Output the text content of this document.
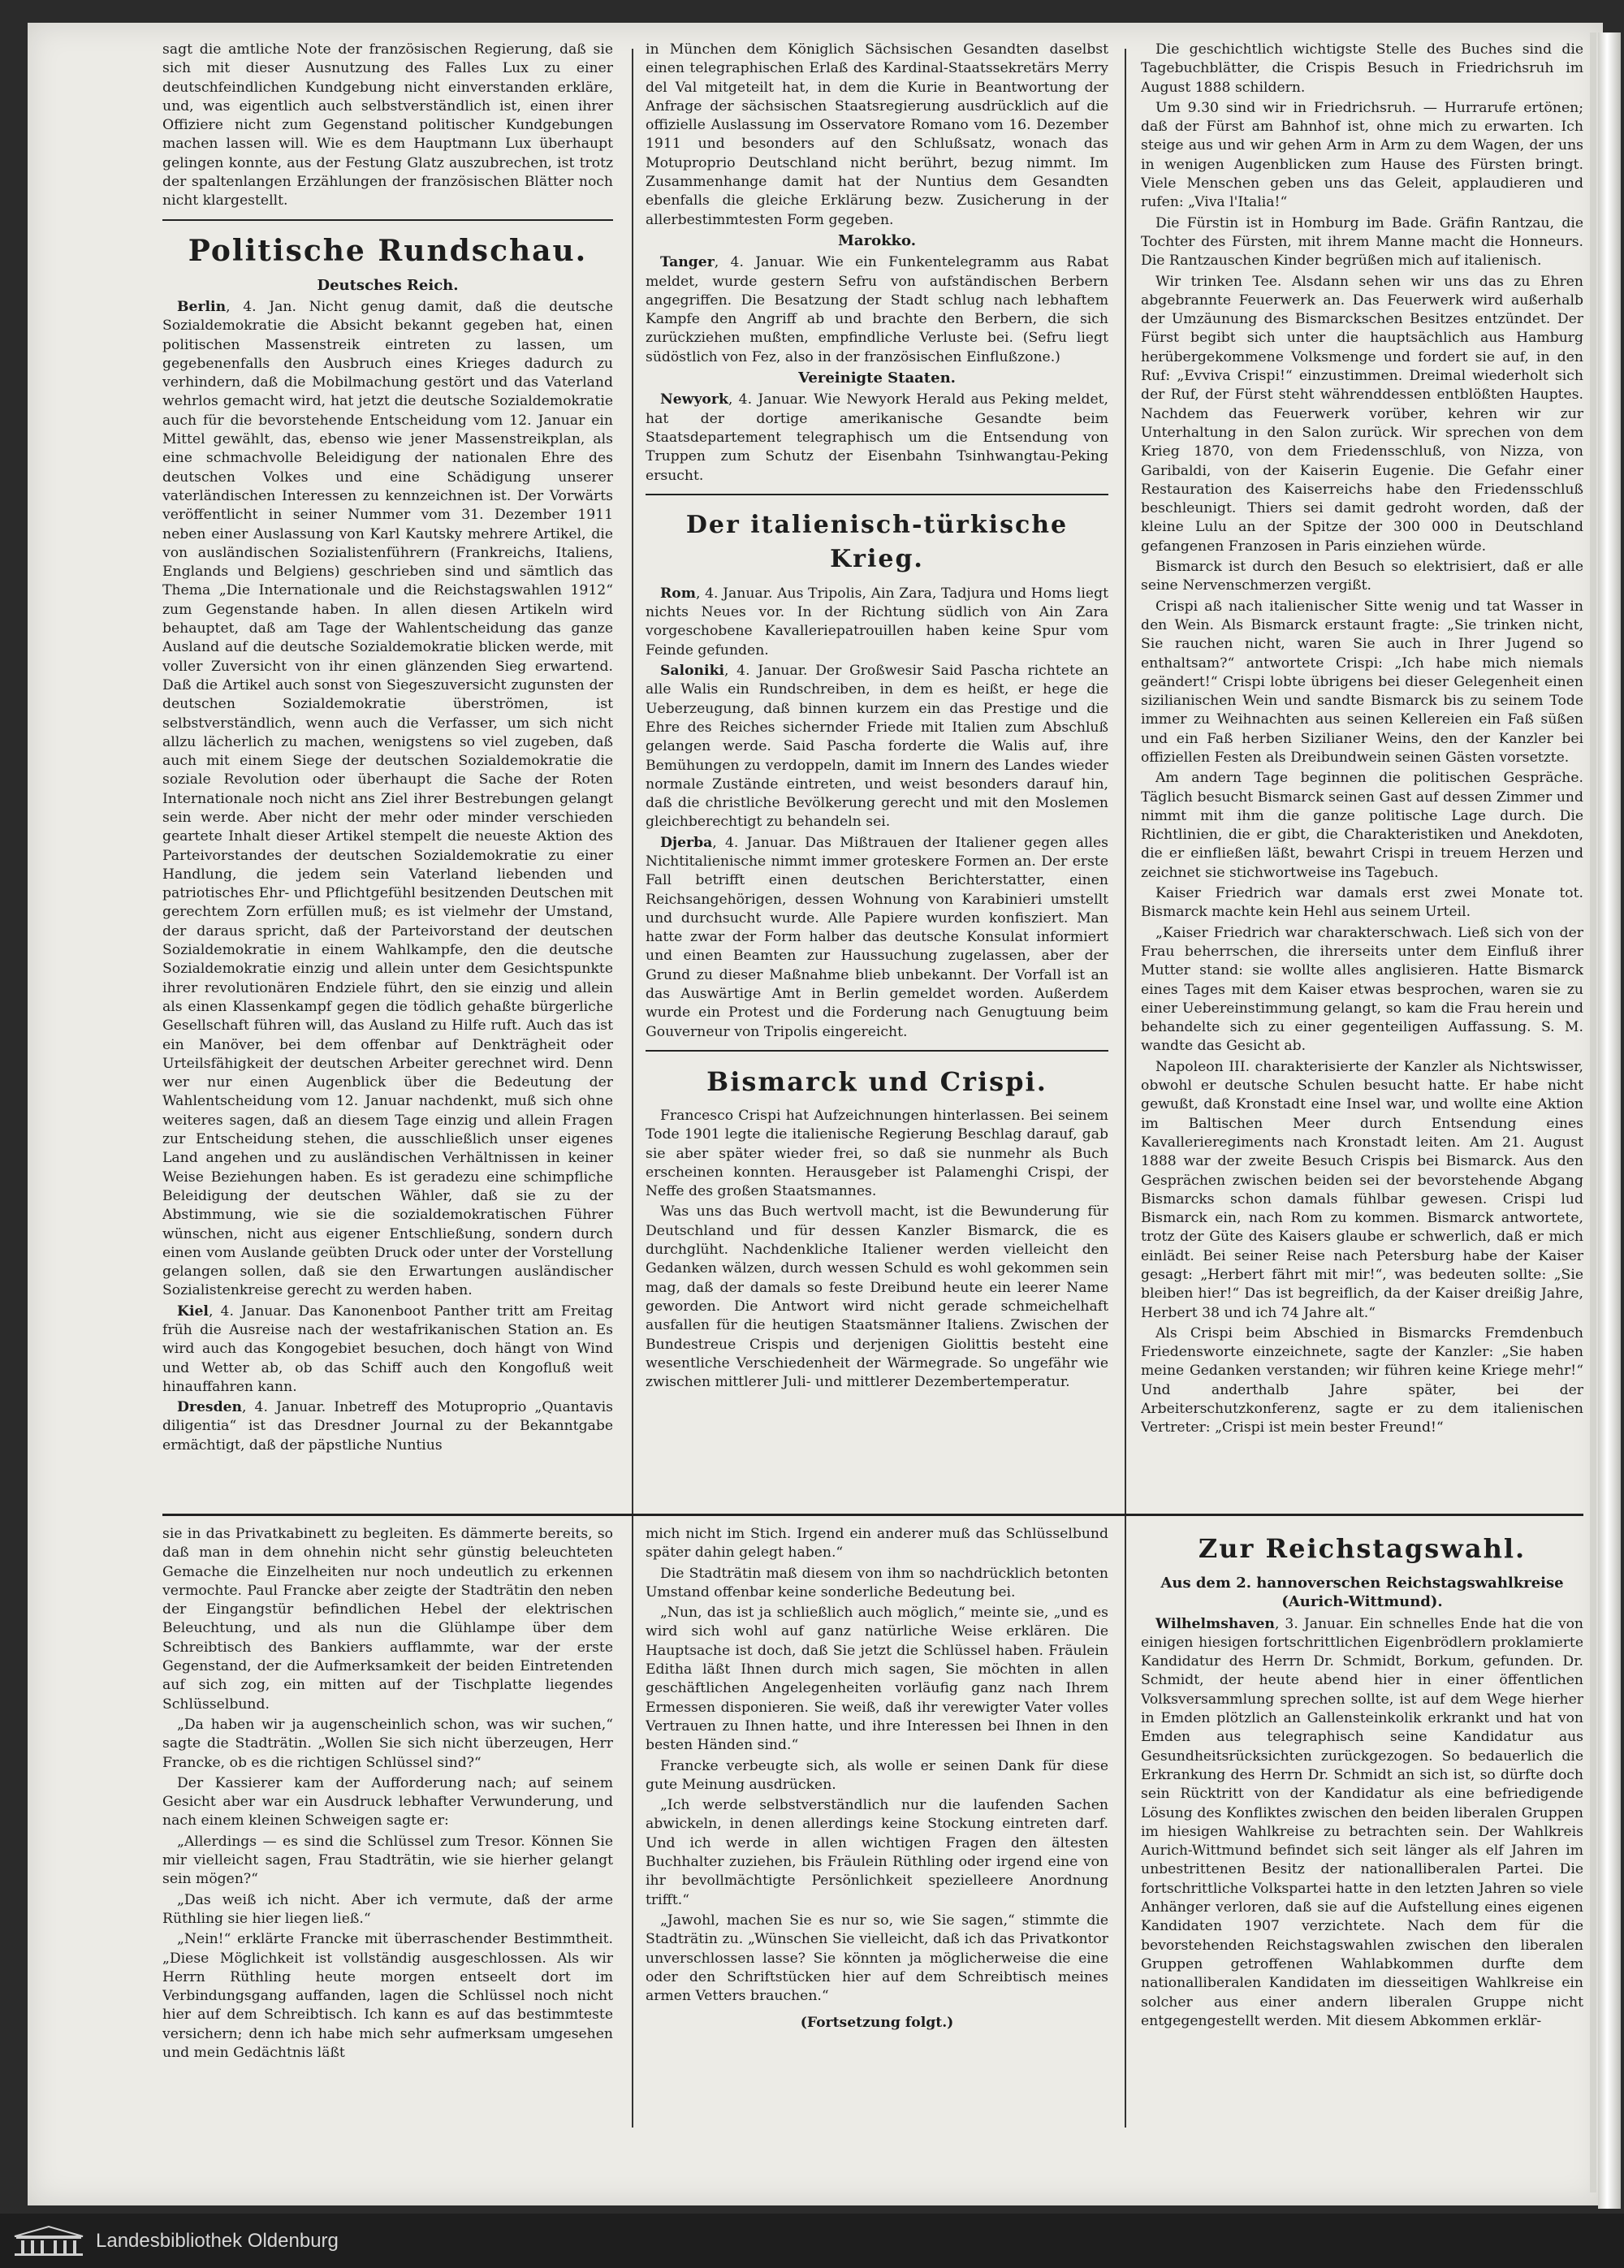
sagt die amtliche Note der französischen Regierung, daß sie sich mit dieser Ausnutzung des Falles Lux zu einer deutschfeindlichen Kundgebung nicht einverstanden erkläre, und, was eigentlich auch selbstverständlich ist, einen ihrer Offiziere nicht zum Gegenstand politischer Kundgebungen machen lassen will. Wie es dem Hauptmann Lux überhaupt gelingen konnte, aus der Festung Glatz auszubrechen, ist trotz der spaltenlangen Erzählungen der französischen Blätter noch nicht klargestellt.

Politische Rundschau.
Deutsches Reich.

Berlin, 4. Jan. Nicht genug damit, daß die deutsche Sozialdemokratie die Absicht bekannt gegeben hat, einen politischen Massenstreik eintreten zu lassen, um gegebenenfalls den Ausbruch eines Krieges dadurch zu verhindern, daß die Mobilmachung gestört und das Vaterland wehrlos gemacht wird, hat jetzt die deutsche Sozialdemokratie auch für die bevorstehende Entscheidung vom 12. Januar ein Mittel gewählt, das, ebenso wie jener Massenstreikplan, als eine schmachvolle Beleidigung der nationalen Ehre des deutschen Volkes und eine Schädigung unserer vaterländischen Interessen zu kennzeichnen ist. Der Vorwärts veröffentlicht in seiner Nummer vom 31. Dezember 1911 neben einer Auslassung von Karl Kautsky mehrere Artikel, die von ausländischen Sozialistenführern (Frankreichs, Italiens, Englands und Belgiens) geschrieben sind und sämtlich das Thema „Die Internationale und die Reichstagswahlen 1912“ zum Gegenstande haben. In allen diesen Artikeln wird behauptet, daß am Tage der Wahlentscheidung das ganze Ausland auf die deutsche Sozialdemokratie blicken werde, mit voller Zuversicht von ihr einen glänzenden Sieg erwartend. Daß die Artikel auch sonst von Siegeszuversicht zugunsten der deutschen Sozialdemokratie überströmen, ist selbstverständlich, wenn auch die Verfasser, um sich nicht allzu lächerlich zu machen, wenigstens so viel zugeben, daß auch mit einem Siege der deutschen Sozialdemokratie die soziale Revolution oder überhaupt die Sache der Roten Internationale noch nicht ans Ziel ihrer Bestrebungen gelangt sein werde. Aber nicht der mehr oder minder verschieden geartete Inhalt dieser Artikel stempelt die neueste Aktion des Parteivorstandes der deutschen Sozialdemokratie zu einer Handlung, die jedem sein Vaterland liebenden und patriotisches Ehr- und Pflichtgefühl besitzenden Deutschen mit gerechtem Zorn erfüllen muß; es ist vielmehr der Umstand, der daraus spricht, daß der Parteivorstand der deutschen Sozialdemokratie in einem Wahlkampfe, den die deutsche Sozialdemokratie einzig und allein unter dem Gesichtspunkte ihrer revolutionären Endziele führt, den sie einzig und allein als einen Klassenkampf gegen die tödlich gehaßte bürgerliche Gesellschaft führen will, das Ausland zu Hilfe ruft. Auch das ist ein Manöver, bei dem offenbar auf Denkträgheit oder Urteilsfähigkeit der deutschen Arbeiter gerechnet wird. Denn wer nur einen Augenblick über die Bedeutung der Wahlentscheidung vom 12. Januar nachdenkt, muß sich ohne weiteres sagen, daß an diesem Tage einzig und allein Fragen zur Entscheidung stehen, die ausschließlich unser eigenes Land angehen und zu ausländischen Verhältnissen in keiner Weise Beziehungen haben. Es ist geradezu eine schimpfliche Beleidigung der deutschen Wähler, daß sie zu der Abstimmung, wie sie die sozialdemokratischen Führer wünschen, nicht aus eigener Entschließung, sondern durch einen vom Auslande geübten Druck oder unter der Vorstellung gelangen sollen, daß sie den Erwartungen ausländischer Sozialistenkreise gerecht zu werden haben.

Kiel, 4. Januar. Das Kanonenboot Panther tritt am Freitag früh die Ausreise nach der westafrikanischen Station an. Es wird auch das Kongogebiet besuchen, doch hängt von Wind und Wetter ab, ob das Schiff auch den Kongofluß weit hinauffahren kann.

Dresden, 4. Januar. Inbetreff des Motuproprio „Quantavis diligentia“ ist das Dresdner Journal zu der Bekanntgabe ermächtigt, daß der päpstliche Nuntius

in München dem Königlich Sächsischen Gesandten daselbst einen telegraphischen Erlaß des Kardinal-Staatssekretärs Merry del Val mitgeteilt hat, in dem die Kurie in Beantwortung der Anfrage der sächsischen Staatsregierung ausdrücklich auf die offizielle Auslassung im Osservatore Romano vom 16. Dezember 1911 und besonders auf den Schlußsatz, wonach das Motuproprio Deutschland nicht berührt, bezug nimmt. Im Zusammenhange damit hat der Nuntius dem Gesandten ebenfalls die gleiche Erklärung bezw. Zusicherung in der allerbestimmtesten Form gegeben.

Marokko.

Tanger, 4. Januar. Wie ein Funkentelegramm aus Rabat meldet, wurde gestern Sefru von aufständischen Berbern angegriffen. Die Besatzung der Stadt schlug nach lebhaftem Kampfe den Angriff ab und brachte den Berbern, die sich zurückziehen mußten, empfindliche Verluste bei. (Sefru liegt südöstlich von Fez, also in der französischen Einflußzone.)

Vereinigte Staaten.

Newyork, 4. Januar. Wie Newyork Herald aus Peking meldet, hat der dortige amerikanische Gesandte beim Staatsdepartement telegraphisch um die Entsendung von Truppen zum Schutz der Eisenbahn Tsinhwangtau-Peking ersucht.

Der italienisch-türkische Krieg.

Rom, 4. Januar. Aus Tripolis, Ain Zara, Tadjura und Homs liegt nichts Neues vor. In der Richtung südlich von Ain Zara vorgeschobene Kavalleriepatrouillen haben keine Spur vom Feinde gefunden.

Saloniki, 4. Januar. Der Großwesir Said Pascha richtete an alle Walis ein Rundschreiben, in dem es heißt, er hege die Ueberzeugung, daß binnen kurzem ein das Prestige und die Ehre des Reiches sichernder Friede mit Italien zum Abschluß gelangen werde. Said Pascha forderte die Walis auf, ihre Bemühungen zu verdoppeln, damit im Innern des Landes wieder normale Zustände eintreten, und weist besonders darauf hin, daß die christliche Bevölkerung gerecht und mit den Moslemen gleichberechtigt zu behandeln sei.

Djerba, 4. Januar. Das Mißtrauen der Italiener gegen alles Nichtitalienische nimmt immer groteskere Formen an. Der erste Fall betrifft einen deutschen Berichterstatter, einen Reichsangehörigen, dessen Wohnung von Karabinieri umstellt und durchsucht wurde. Alle Papiere wurden konfisziert. Man hatte zwar der Form halber das deutsche Konsulat informiert und einen Beamten zur Haussuchung zugelassen, aber der Grund zu dieser Maßnahme blieb unbekannt. Der Vorfall ist an das Auswärtige Amt in Berlin gemeldet worden. Außerdem wurde ein Protest und die Forderung nach Genugtuung beim Gouverneur von Tripolis eingereicht.

Bismarck und Crispi.

Francesco Crispi hat Aufzeichnungen hinterlassen. Bei seinem Tode 1901 legte die italienische Regierung Beschlag darauf, gab sie aber später wieder frei, so daß sie nunmehr als Buch erscheinen konnten. Herausgeber ist Palamenghi Crispi, der Neffe des großen Staatsmannes.

Was uns das Buch wertvoll macht, ist die Bewunderung für Deutschland und für dessen Kanzler Bismarck, die es durchglüht. Nachdenkliche Italiener werden vielleicht den Gedanken wälzen, durch wessen Schuld es wohl gekommen sein mag, daß der damals so feste Dreibund heute ein leerer Name geworden. Die Antwort wird nicht gerade schmeichelhaft ausfallen für die heutigen Staatsmänner Italiens. Zwischen der Bundestreue Crispis und derjenigen Giolittis besteht eine wesentliche Verschiedenheit der Wärmegrade. So ungefähr wie zwischen mittlerer Juli- und mittlerer Dezembertemperatur.

Die geschichtlich wichtigste Stelle des Buches sind die Tagebuchblätter, die Crispis Besuch in Friedrichsruh im August 1888 schildern.

Um 9.30 sind wir in Friedrichsruh. — Hurrarufe ertönen; daß der Fürst am Bahnhof ist, ohne mich zu erwarten. Ich steige aus und wir gehen Arm in Arm zu dem Wagen, der uns in wenigen Augenblicken zum Hause des Fürsten bringt. Viele Menschen geben uns das Geleit, applaudieren und rufen: „Viva l'Italia!“

Die Fürstin ist in Homburg im Bade. Gräfin Rantzau, die Tochter des Fürsten, mit ihrem Manne macht die Honneurs. Die Rantzauschen Kinder begrüßen mich auf italienisch.

Wir trinken Tee. Alsdann sehen wir uns das zu Ehren abgebrannte Feuerwerk an. Das Feuerwerk wird außerhalb der Umzäunung des Bismarckschen Besitzes entzündet. Der Fürst begibt sich unter die hauptsächlich aus Hamburg herübergekommene Volksmenge und fordert sie auf, in den Ruf: „Evviva Crispi!“ einzustimmen. Dreimal wiederholt sich der Ruf, der Fürst steht währenddessen entblößten Hauptes. Nachdem das Feuerwerk vorüber, kehren wir zur Unterhaltung in den Salon zurück. Wir sprechen von dem Krieg 1870, von dem Friedensschluß, von Nizza, von Garibaldi, von der Kaiserin Eugenie. Die Gefahr einer Restauration des Kaiserreichs habe den Friedensschluß beschleunigt. Thiers sei damit gedroht worden, daß der kleine Lulu an der Spitze der 300 000 in Deutschland gefangenen Franzosen in Paris einziehen würde.

Bismarck ist durch den Besuch so elektrisiert, daß er alle seine Nervenschmerzen vergißt.

Crispi aß nach italienischer Sitte wenig und tat Wasser in den Wein. Als Bismarck erstaunt fragte: „Sie trinken nicht, Sie rauchen nicht, waren Sie auch in Ihrer Jugend so enthaltsam?“ antwortete Crispi: „Ich habe mich niemals geändert!“ Crispi lobte übrigens bei dieser Gelegenheit einen sizilianischen Wein und sandte Bismarck bis zu seinem Tode immer zu Weihnachten aus seinen Kellereien ein Faß süßen und ein Faß herben Sizilianer Weins, den der Kanzler bei offiziellen Festen als Dreibundwein seinen Gästen vorsetzte.

Am andern Tage beginnen die politischen Gespräche. Täglich besucht Bismarck seinen Gast auf dessen Zimmer und nimmt mit ihm die ganze politische Lage durch. Die Richtlinien, die er gibt, die Charakteristiken und Anekdoten, die er einfließen läßt, bewahrt Crispi in treuem Herzen und zeichnet sie stichwortweise ins Tagebuch.

Kaiser Friedrich war damals erst zwei Monate tot. Bismarck machte kein Hehl aus seinem Urteil.

„Kaiser Friedrich war charakterschwach. Ließ sich von der Frau beherrschen, die ihrerseits unter dem Einfluß ihrer Mutter stand: sie wollte alles anglisieren. Hatte Bismarck eines Tages mit dem Kaiser etwas besprochen, waren sie zu einer Uebereinstimmung gelangt, so kam die Frau herein und behandelte sich zu einer gegenteiligen Auffassung. S. M. wandte das Gesicht ab.

Napoleon III. charakterisierte der Kanzler als Nichtswisser, obwohl er deutsche Schulen besucht hatte. Er habe nicht gewußt, daß Kronstadt eine Insel war, und wollte eine Aktion im Baltischen Meer durch Entsendung eines Kavallerieregiments nach Kronstadt leiten. Am 21. August 1888 war der zweite Besuch Crispis bei Bismarck. Aus den Gesprächen zwischen beiden sei der bevorstehende Abgang Bismarcks schon damals fühlbar gewesen. Crispi lud Bismarck ein, nach Rom zu kommen. Bismarck antwortete, trotz der Güte des Kaisers glaube er schwerlich, daß er mich einlädt. Bei seiner Reise nach Petersburg habe der Kaiser gesagt: „Herbert fährt mit mir!“, was bedeuten sollte: „Sie bleiben hier!“ Das ist begreiflich, da der Kaiser dreißig Jahre, Herbert 38 und ich 74 Jahre alt.“

Als Crispi beim Abschied in Bismarcks Fremdenbuch Friedensworte einzeichnete, sagte der Kanzler: „Sie haben meine Gedanken verstanden; wir führen keine Kriege mehr!“ Und anderthalb Jahre später, bei der Arbeiterschutzkonferenz, sagte er zu dem italienischen Vertreter: „Crispi ist mein bester Freund!“

sie in das Privatkabinett zu begleiten. Es dämmerte bereits, so daß man in dem ohnehin nicht sehr günstig beleuchteten Gemache die Einzelheiten nur noch undeutlich zu erkennen vermochte. Paul Francke aber zeigte der Stadträtin den neben der Eingangstür befindlichen Hebel der elektrischen Beleuchtung, und als nun die Glühlampe über dem Schreibtisch des Bankiers aufflammte, war der erste Gegenstand, der die Aufmerksamkeit der beiden Eintretenden auf sich zog, ein mitten auf der Tischplatte liegendes Schlüsselbund.

„Da haben wir ja augenscheinlich schon, was wir suchen,“ sagte die Stadträtin. „Wollen Sie sich nicht überzeugen, Herr Francke, ob es die richtigen Schlüssel sind?“

Der Kassierer kam der Aufforderung nach; auf seinem Gesicht aber war ein Ausdruck lebhafter Verwunderung, und nach einem kleinen Schweigen sagte er:

„Allerdings — es sind die Schlüssel zum Tresor. Können Sie mir vielleicht sagen, Frau Stadträtin, wie sie hierher gelangt sein mögen?“

„Das weiß ich nicht. Aber ich vermute, daß der arme Rüthling sie hier liegen ließ.“

„Nein!“ erklärte Francke mit überraschender Bestimmtheit. „Diese Möglichkeit ist vollständig ausgeschlossen. Als wir Herrn Rüthling heute morgen entseelt dort im Verbindungsgang auffanden, lagen die Schlüssel noch nicht hier auf dem Schreibtisch. Ich kann es auf das bestimmteste versichern; denn ich habe mich sehr aufmerksam umgesehen und mein Gedächtnis läßt

mich nicht im Stich. Irgend ein anderer muß das Schlüsselbund später dahin gelegt haben.“

Die Stadträtin maß diesem von ihm so nachdrücklich betonten Umstand offenbar keine sonderliche Bedeutung bei.

„Nun, das ist ja schließlich auch möglich,“ meinte sie, „und es wird sich wohl auf ganz natürliche Weise erklären. Die Hauptsache ist doch, daß Sie jetzt die Schlüssel haben. Fräulein Editha läßt Ihnen durch mich sagen, Sie möchten in allen geschäftlichen Angelegenheiten vorläufig ganz nach Ihrem Ermessen disponieren. Sie weiß, daß ihr verewigter Vater volles Vertrauen zu Ihnen hatte, und ihre Interessen bei Ihnen in den besten Händen sind.“

Francke verbeugte sich, als wolle er seinen Dank für diese gute Meinung ausdrücken.

„Ich werde selbstverständlich nur die laufenden Sachen abwickeln, in denen allerdings keine Stockung eintreten darf. Und ich werde in allen wichtigen Fragen den ältesten Buchhalter zuziehen, bis Fräulein Rüthling oder irgend eine von ihr bevollmächtigte Persönlichkeit spezielleere Anordnung trifft.“

„Jawohl, machen Sie es nur so, wie Sie sagen,“ stimmte die Stadträtin zu. „Wünschen Sie vielleicht, daß ich das Privatkontor unverschlossen lasse? Sie könnten ja möglicherweise die eine oder den Schriftstücken hier auf dem Schreibtisch meines armen Vetters brauchen.“

(Fortsetzung folgt.)
Zur Reichstagswahl.
Aus dem 2. hannoverschen Reichstagswahlkreise (Aurich-Wittmund).

Wilhelmshaven, 3. Januar. Ein schnelles Ende hat die von einigen hiesigen fortschrittlichen Eigenbrödlern proklamierte Kandidatur des Herrn Dr. Schmidt, Borkum, gefunden. Dr. Schmidt, der heute abend hier in einer öffentlichen Volksversammlung sprechen sollte, ist auf dem Wege hierher in Emden plötzlich an Gallensteinkolik erkrankt und hat von Emden aus telegraphisch seine Kandidatur aus Gesundheitsrücksichten zurückgezogen. So bedauerlich die Erkrankung des Herrn Dr. Schmidt an sich ist, so dürfte doch sein Rücktritt von der Kandidatur als eine befriedigende Lösung des Konfliktes zwischen den beiden liberalen Gruppen im hiesigen Wahlkreise zu betrachten sein. Der Wahlkreis Aurich-Wittmund befindet sich seit länger als elf Jahren im unbestrittenen Besitz der nationalliberalen Partei. Die fortschrittliche Volkspartei hatte in den letzten Jahren so viele Anhänger verloren, daß sie auf die Aufstellung eines eigenen Kandidaten 1907 verzichtete. Nach dem für die bevorstehenden Reichstagswahlen zwischen den liberalen Gruppen getroffenen Wahlabkommen durfte dem nationalliberalen Kandidaten im diesseitigen Wahlkreise ein solcher aus einer andern liberalen Gruppe nicht entgegengestellt werden. Mit diesem Abkommen erklär-

Landesbibliothek Oldenburg
